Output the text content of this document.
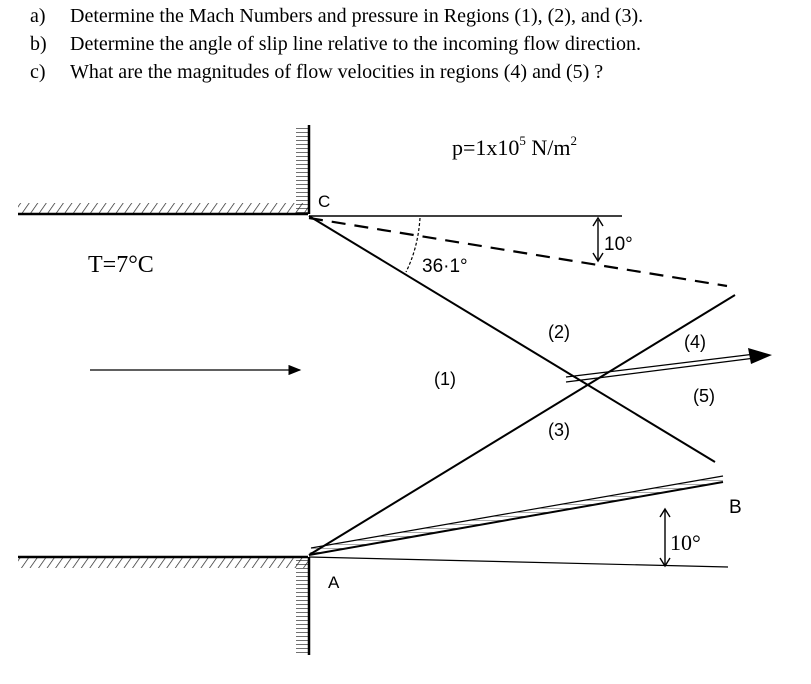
a) Determine the Mach Numbers and pressure in Regions (1), (2), and (3).
b) Determine the angle of slip line relative to the incoming flow direction.
c) What are the magnitudes of flow velocities in regions (4) and (5) ?
$p=1x10^5$ $N/m^2$
T=7°C
C
A
B
36·1°
10°
10°
(1)
(2)
(3)
(4)
(5)
